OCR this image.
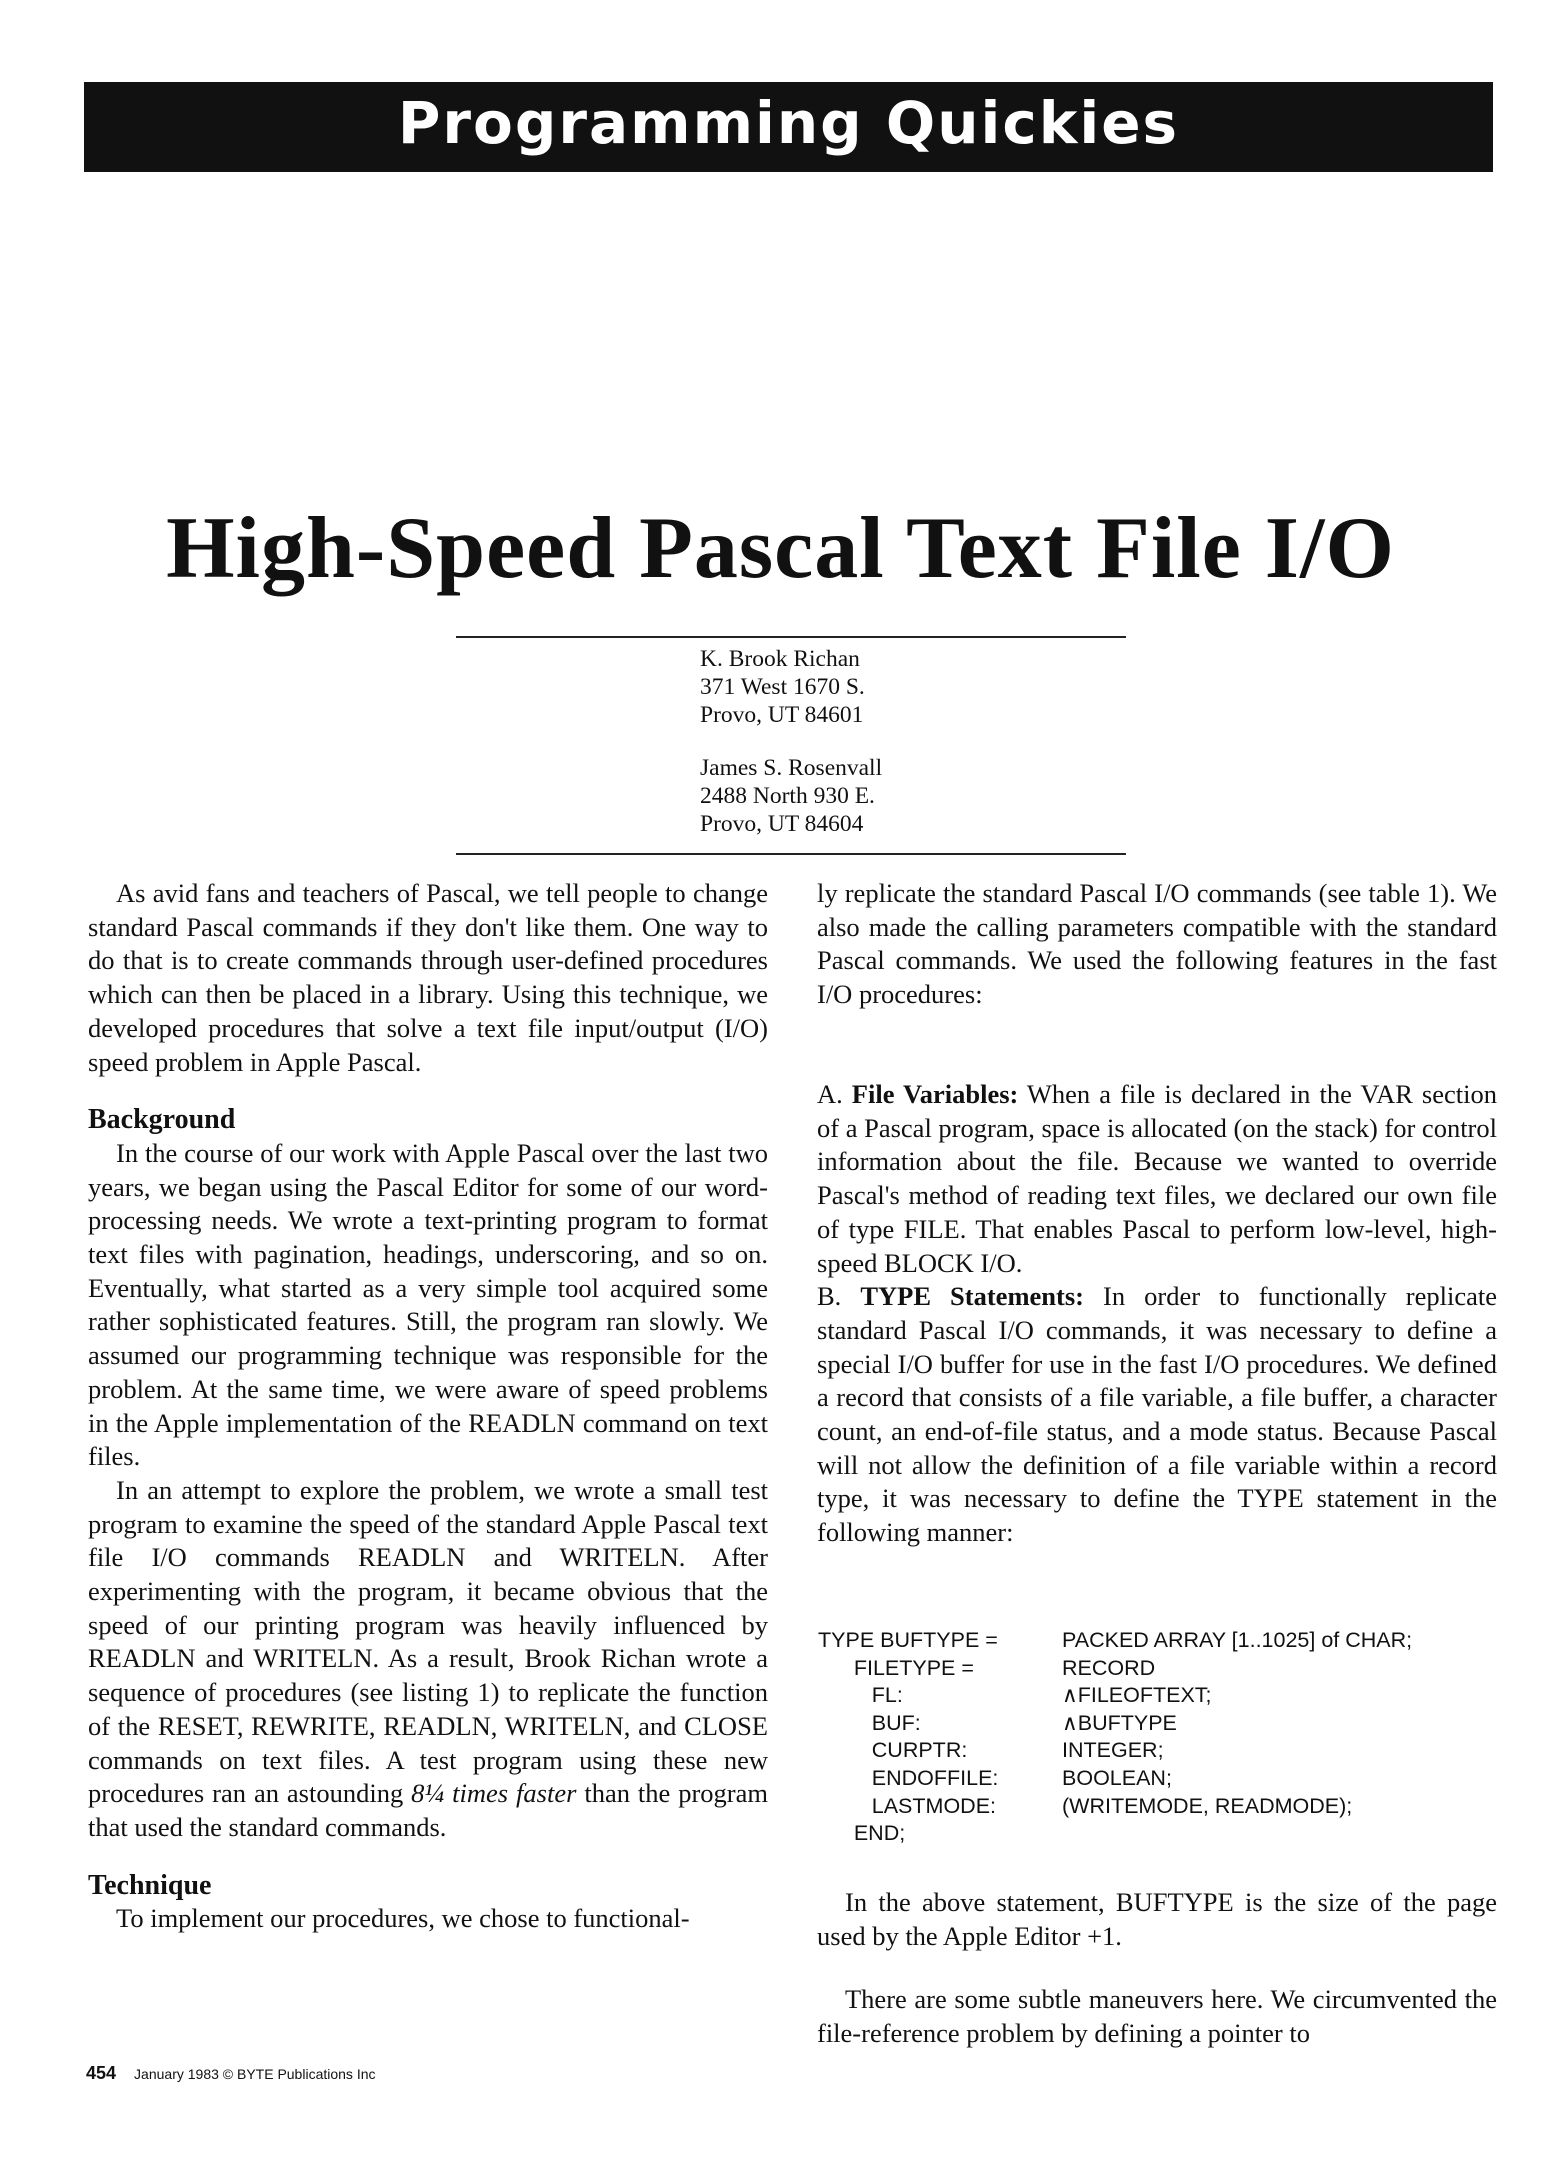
Programming Quickies
High-Speed Pascal Text File I/O
K. Brook Richan
371 West 1670 S.
Provo, UT 84601
James S. Rosenvall
2488 North 930 E.
Provo, UT 84604

As avid fans and teachers of Pascal, we tell people to change standard Pascal commands if they don't like them. One way to do that is to create commands through user-defined procedures which can then be placed in a library. Using this technique, we developed procedures that solve a text file input/output (I/O) speed problem in Apple Pascal.

Background

In the course of our work with Apple Pascal over the last two years, we began using the Pascal Editor for some of our word-processing needs. We wrote a text-printing program to format text files with pagination, headings, underscoring, and so on. Eventually, what started as a very simple tool acquired some rather sophisticated features. Still, the program ran slowly. We assumed our programming technique was responsible for the problem. At the same time, we were aware of speed problems in the Apple implementation of the READLN command on text files.

In an attempt to explore the problem, we wrote a small test program to examine the speed of the standard Apple Pascal text file I/O commands READLN and WRITELN. After experimenting with the program, it became obvious that the speed of our printing program was heavily influenced by READLN and WRITELN. As a result, Brook Richan wrote a sequence of procedures (see listing 1) to replicate the function of the RESET, REWRITE, READLN, WRITELN, and CLOSE commands on text files. A test program using these new procedures ran an astounding 8¼ times faster than the program that used the standard commands.

Technique

To implement our procedures, we chose to functional-

ly replicate the standard Pascal I/O commands (see table 1). We also made the calling parameters compatible with the standard Pascal commands. We used the following features in the fast I/O procedures:

A. File Variables: When a file is declared in the VAR section of a Pascal program, space is allocated (on the stack) for control information about the file. Because we wanted to override Pascal's method of reading text files, we declared our own file of type FILE. That enables Pascal to perform low-level, high-speed BLOCK I/O.

B. TYPE Statements: In order to functionally replicate standard Pascal I/O commands, it was necessary to define a special I/O buffer for use in the fast I/O procedures. We defined a record that consists of a file variable, a file buffer, a character count, an end-of-file status, and a mode status. Because Pascal will not allow the definition of a file variable within a record type, it was necessary to define the TYPE statement in the following manner:

TYPE BUFTYPE =	PACKED ARRAY [1..1025] of CHAR;
FILETYPE =	RECORD
FL:	∧FILEOFTEXT;
BUF:	∧BUFTYPE
CURPTR:	INTEGER;
ENDOFFILE:	BOOLEAN;
LASTMODE:	(WRITEMODE, READMODE);
END;

In the above statement, BUFTYPE is the size of the page used by the Apple Editor +1.

There are some subtle maneuvers here. We circumvented the file-reference problem by defining a pointer to

454 January 1983 © BYTE Publications Inc
